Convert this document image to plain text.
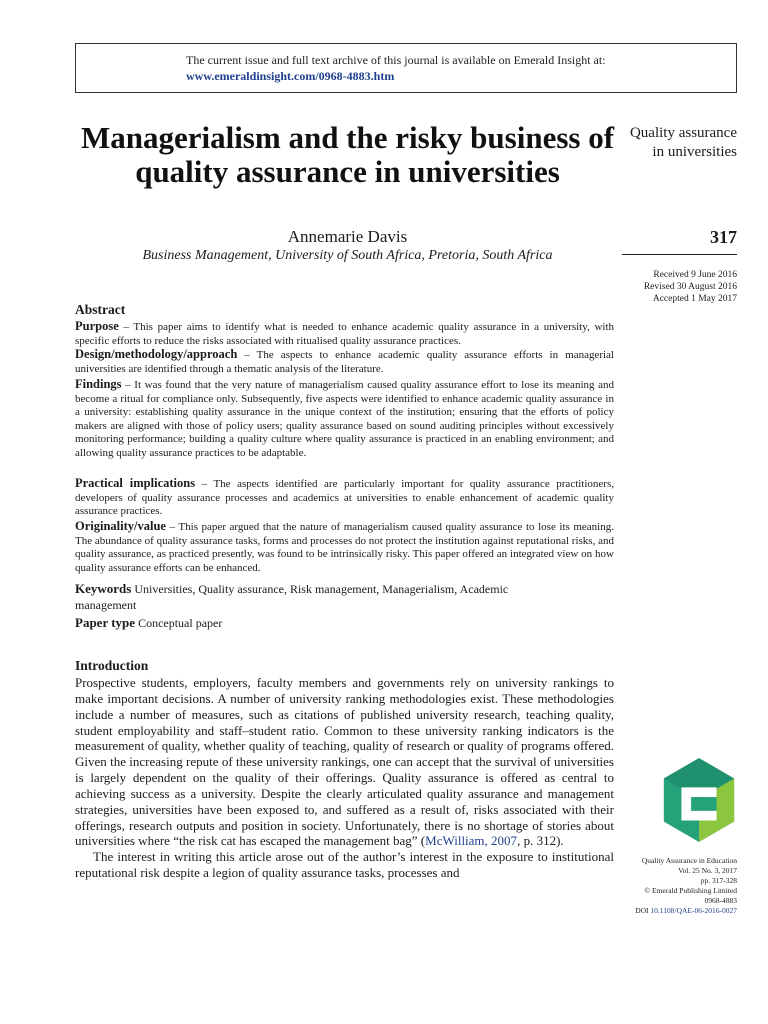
The current issue and full text archive of this journal is available on Emerald Insight at:
www.emeraldinsight.com/0968-4883.htm
Managerialism and the risky business of quality assurance in universities
Annemarie Davis
Business Management, University of South Africa, Pretoria, South Africa
Quality assurance in universities
317
Received 9 June 2016
Revised 30 August 2016
Accepted 1 May 2017
Abstract
Purpose – This paper aims to identify what is needed to enhance academic quality assurance in a university, with specific efforts to reduce the risks associated with ritualised quality assurance practices.
Design/methodology/approach – The aspects to enhance academic quality assurance efforts in managerial universities are identified through a thematic analysis of the literature.
Findings – It was found that the very nature of managerialism caused quality assurance effort to lose its meaning and become a ritual for compliance only. Subsequently, five aspects were identified to enhance academic quality assurance in a university: establishing quality assurance in the unique context of the institution; ensuring that the efforts of policy makers are aligned with those of policy users; quality assurance based on sound auditing principles without excessively monitoring performance; building a quality culture where quality assurance is practiced in an enabling environment; and allowing quality assurance practices to be adaptable.
Practical implications – The aspects identified are particularly important for quality assurance practitioners, developers of quality assurance processes and academics at universities to enable enhancement of academic quality assurance practices.
Originality/value – This paper argued that the nature of managerialism caused quality assurance to lose its meaning. The abundance of quality assurance tasks, forms and processes do not protect the institution against reputational risks, and quality assurance, as practiced presently, was found to be intrinsically risky. This paper offered an integrated view on how quality assurance efforts can be enhanced.
Keywords Universities, Quality assurance, Risk management, Managerialism, Academic management
Paper type Conceptual paper
Introduction

Prospective students, employers, faculty members and governments rely on university rankings to make important decisions. A number of university ranking methodologies exist. These methodologies include a number of measures, such as citations of published university research, teaching quality, student employability and staff–student ratio. Common to these university ranking indicators is the measurement of quality, whether quality of teaching, quality of research or quality of programs offered. Given the increasing repute of these university rankings, one can accept that the survival of universities is largely dependent on the quality of their offerings. Quality assurance is offered as central to achieving success as a university. Despite the clearly articulated quality assurance and management strategies, universities have been exposed to, and suffered as a result of, risks associated with their offerings, research outputs and position in society. Unfortunately, there is no shortage of stories about universities where “the risk cat has escaped the management bag” (McWilliam, 2007, p. 312).

The interest in writing this article arose out of the author’s interest in the exposure to institutional reputational risk despite a legion of quality assurance tasks, processes and

Quality Assurance in Education
Vol. 25 No. 3, 2017
pp. 317-328
© Emerald Publishing Limited
0968-4883
DOI 10.1108/QAE-06-2016-0027
